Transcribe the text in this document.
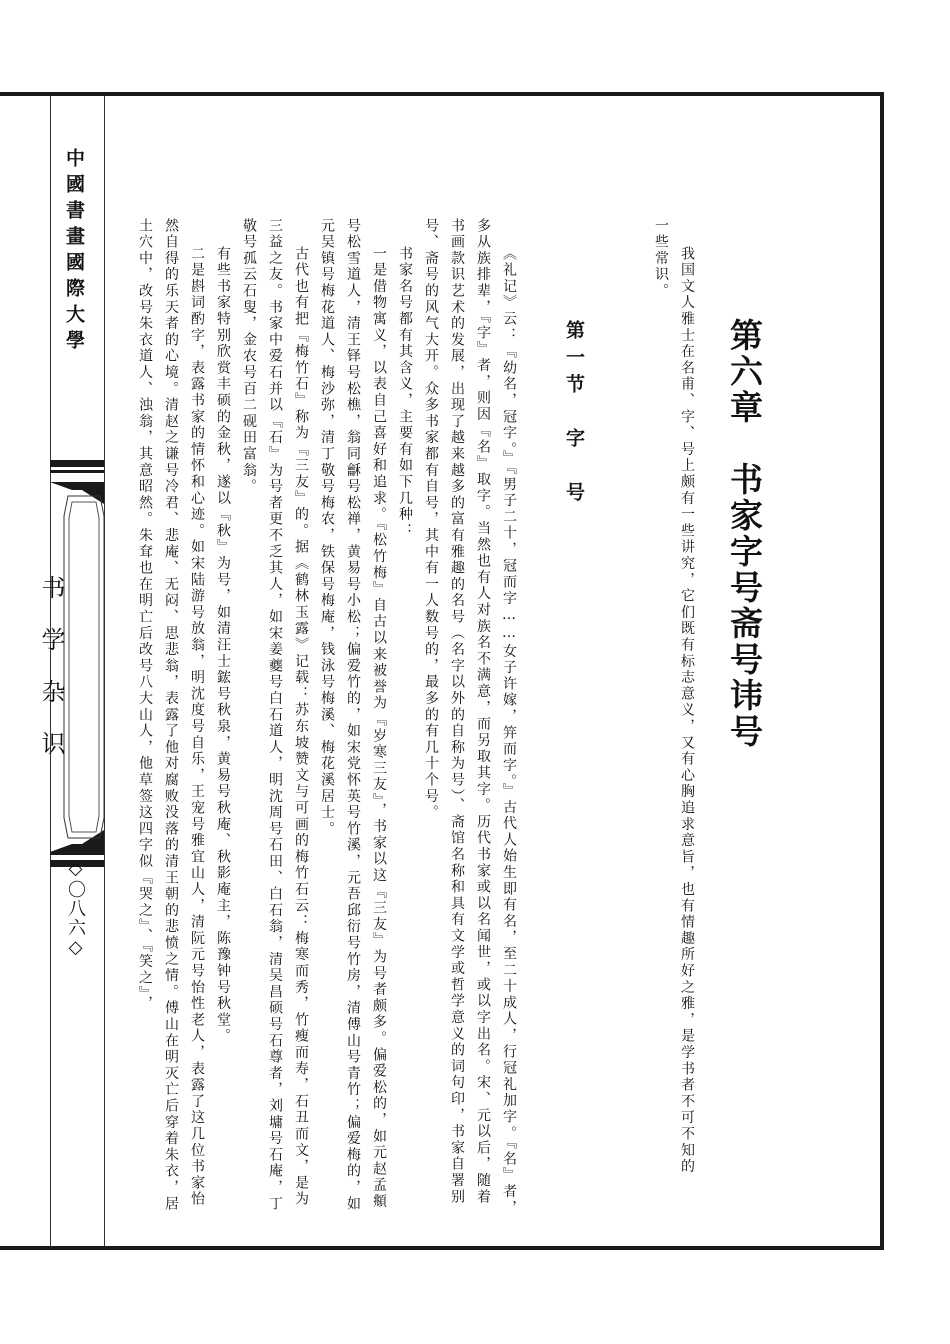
中國書畫國際大學
书学杂识
◇〇八六◇
第六章　书家字号斋号讳号

我国文人雅士在名甫、字、号上颇有一些讲究，它们既有标志意义，又有心胸追求意旨，也有情趣所好之雅，是学书者不可不知的一些常识。

第一节　字　号

《礼记》云：『幼名，冠字。』『男子二十，冠而字……女子许嫁，笄而字。』古代人始生即有名，至二十成人，行冠礼加字。『名』者，多从族排辈，『字』者，则因『名』取字。当然也有人对族名不满意，而另取其字。历代书家或以名闻世，或以字出名。宋、元以后，随着书画款识艺术的发展，出现了越来越多的富有雅趣的名号（名字以外的自称为号）、斋馆名称和具有文学或哲学意义的词句印，书家自署别号、斋号的风气大开。众多书家都有自号，其中有一人数号的，最多的有几十个号。

书家名号都有其含义，主要有如下几种：

一是借物寓义，以表自己喜好和追求。『松竹梅』自古以来被誉为『岁寒三友』，书家以这『三友』为号者颇多。偏爱松的，如元赵孟頫号松雪道人，清王铎号松樵，翁同龢号松禅，黄易号小松；偏爱竹的，如宋党怀英号竹溪，元吾邱衍号竹房，清傅山号青竹；偏爱梅的，如元吴镇号梅花道人、梅沙弥，清丁敬号梅农，铁保号梅庵，钱泳号梅溪、梅花溪居士。

古代也有把『梅竹石』称为『三友』的。据《鹤林玉露》记载：苏东坡赞文与可画的梅竹石云：梅寒而秀，竹瘦而寿，石丑而文，是为三益之友。书家中爱石并以『石』为号者更不乏其人，如宋姜夔号白石道人，明沈周号石田、白石翁，清吴昌硕号石尊者，刘墉号石庵，丁敬号孤云石叟，金农号百二砚田富翁。

有些书家特别欣赏丰硕的金秋，遂以『秋』为号，如清汪士鋐号秋泉，黄易号秋庵、秋影庵主，陈豫钟号秋堂。

二是斟词酌字，表露书家的情怀和心迹。如宋陆游号放翁，明沈度号自乐，王宠号雅宜山人，清阮元号怡性老人，表露了这几位书家怡然自得的乐天者的心境。清赵之谦号冷君、悲庵、无闷、思悲翁，表露了他对腐败没落的清王朝的悲愤之情。傅山在明灭亡后穿着朱衣，居土穴中，改号朱衣道人、浊翁，其意昭然。朱耷也在明亡后改号八大山人，他草签这四字似『哭之』、『笑之』，
